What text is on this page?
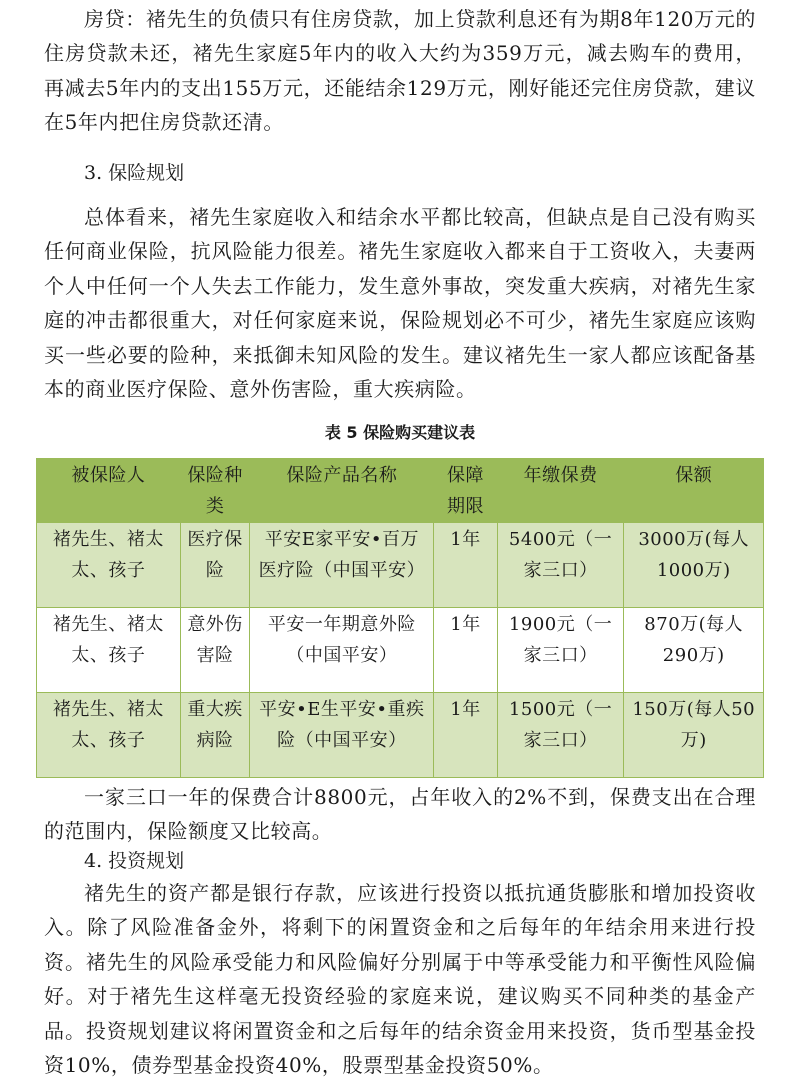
房贷：褚先生的负债只有住房贷款，加上贷款利息还有为期8年120万元的住房贷款未还，褚先生家庭5年内的收入大约为359万元，减去购车的费用，再减去5年内的支出155万元，还能结余129万元，刚好能还完住房贷款，建议在5年内把住房贷款还清。

3. 保险规划

总体看来，褚先生家庭收入和结余水平都比较高，但缺点是自己没有购买任何商业保险，抗风险能力很差。褚先生家庭收入都来自于工资收入，夫妻两个人中任何一个人失去工作能力，发生意外事故，突发重大疾病，对褚先生家庭的冲击都很重大，对任何家庭来说，保险规划必不可少，褚先生家庭应该购买一些必要的险种，来抵御未知风险的发生。建议褚先生一家人都应该配备基本的商业医疗保险、意外伤害险，重大疾病险。

表 5 保险购买建议表

被保险人	保险种类	保险产品名称	保障期限	年缴保费	保额
褚先生、褚太太、孩子	医疗保险	平安E家平安•百万医疗险（中国平安）	1年	5400元（一家三口）	3000万(每人1000万)
褚先生、褚太太、孩子	意外伤害险	平安一年期意外险（中国平安）	1年	1900元（一家三口）	870万(每人290万)
褚先生、褚太太、孩子	重大疾病险	平安•E生平安•重疾险（中国平安）	1年	1500元（一家三口）	150万(每人50万)

一家三口一年的保费合计8800元，占年收入的2%不到，保费支出在合理的范围内，保险额度又比较高。

4. 投资规划

褚先生的资产都是银行存款，应该进行投资以抵抗通货膨胀和增加投资收入。除了风险准备金外，将剩下的闲置资金和之后每年的年结余用来进行投资。褚先生的风险承受能力和风险偏好分别属于中等承受能力和平衡性风险偏好。对于褚先生这样毫无投资经验的家庭来说，建议购买不同种类的基金产品。投资规划建议将闲置资金和之后每年的结余资金用来投资，货币型基金投资10%，债券型基金投资40%，股票型基金投资50%。
